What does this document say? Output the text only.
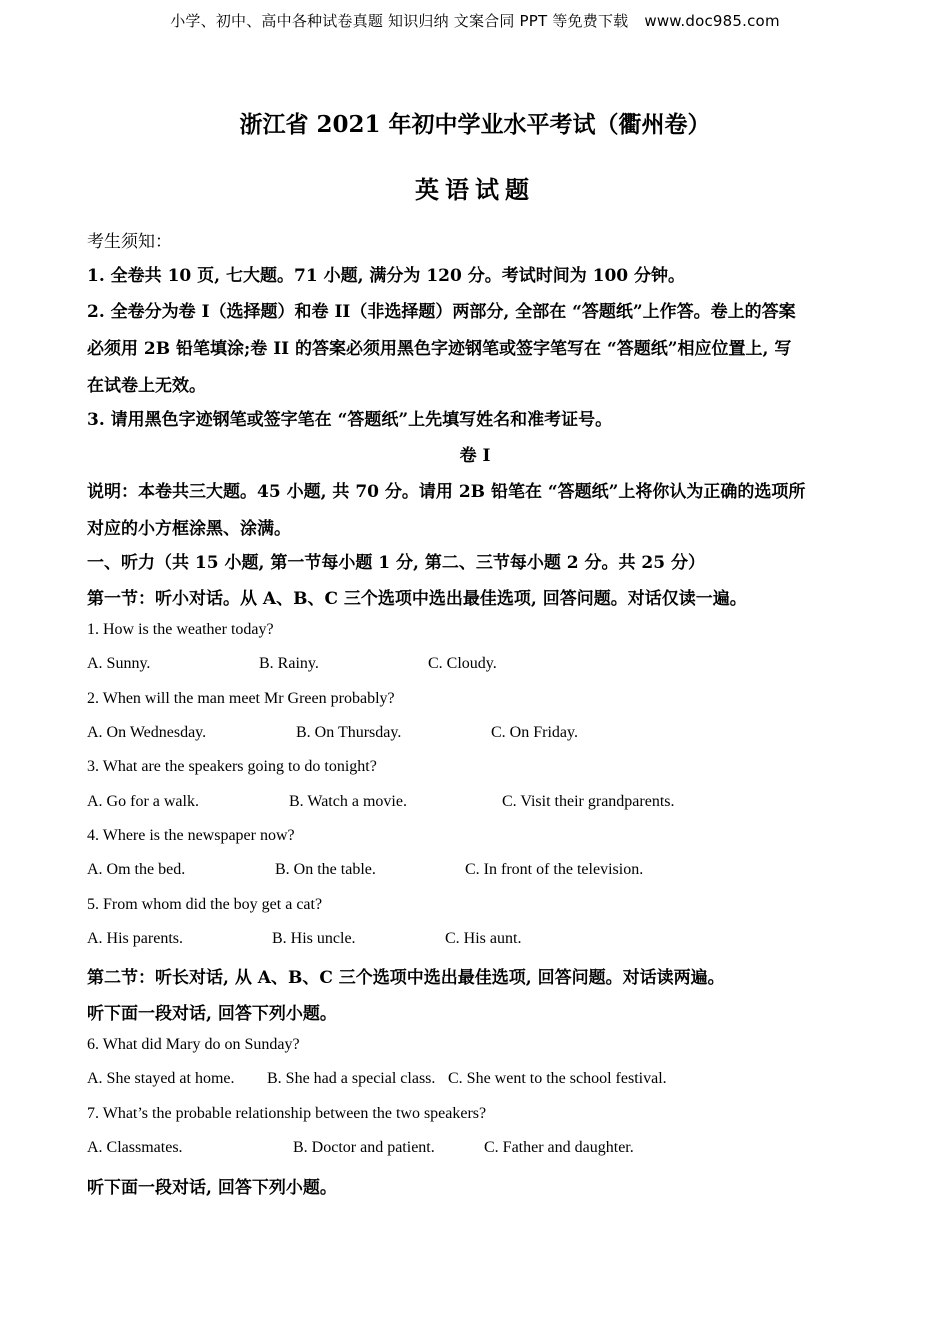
小学、初中、高中各种试卷真题 知识归纳 文案合同 PPT 等免费下载 www.doc985.com
浙江省 2021 年初中学业水平考试（衢州卷）
英语试题
考生须知：
1. 全卷共 10 页, 七大题。71 小题, 满分为 120 分。考试时间为 100 分钟。
2. 全卷分为卷 I（选择题）和卷 II（非选择题）两部分, 全部在 “答题纸”上作答。卷上的答案
必须用 2B 铅笔填涂;卷 II 的答案必须用黑色字迹钢笔或签字笔写在 “答题纸”相应位置上, 写
在试卷上无效。
3. 请用黑色字迹钢笔或签字笔在 “答题纸”上先填写姓名和准考证号。
卷 I
说明：本卷共三大题。45 小题, 共 70 分。请用 2B 铅笔在 “答题纸”上将你认为正确的选项所
对应的小方框涂黑、涂满。
一、听力（共 15 小题, 第一节每小题 1 分, 第二、三节每小题 2 分。共 25 分）
第一节：听小对话。从 A、B、C 三个选项中选出最佳选项, 回答问题。对话仅读一遍。
1. How is the weather today?
A. Sunny.	B. Rainy.	C. Cloudy.
2. When will the man meet Mr Green probably?
A. On Wednesday.	B. On Thursday.	C. On Friday.
3. What are the speakers going to do tonight?
A. Go for a walk.	B. Watch a movie.	C. Visit their grandparents.
4. Where is the newspaper now?
A. Om the bed.	B. On the table.	C. In front of the television.
5. From whom did the boy get a cat?
A. His parents.	B. His uncle.	C. His aunt.
第二节：听长对话, 从 A、B、C 三个选项中选出最佳选项, 回答问题。对话读两遍。
听下面一段对话, 回答下列小题。
6. What did Mary do on Sunday?
A. She stayed at home. B. She had a special class. C. She went to the school festival.
7. What’s the probable relationship between the two speakers?
A. Classmates.	B. Doctor and patient.	C. Father and daughter.
听下面一段对话, 回答下列小题。
